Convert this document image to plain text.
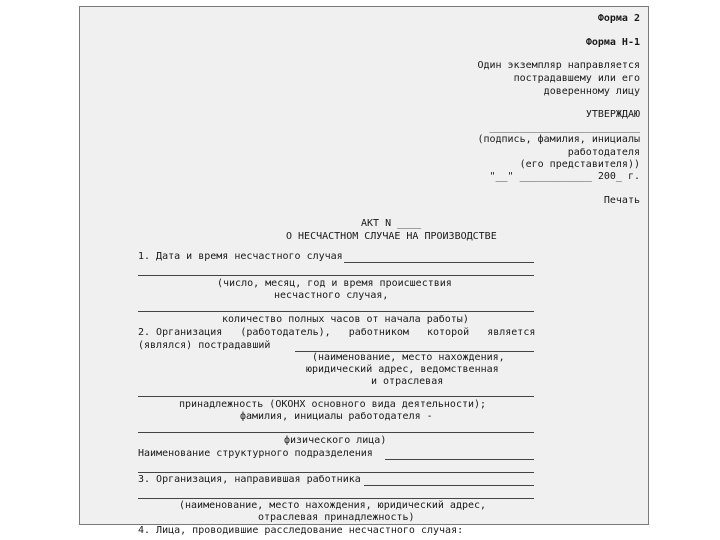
Форма 2
Форма Н-1
Один экземпляр направляется
пострадавшему или его
доверенному лицу
УТВЕРЖДАЮ
_________________________
(подпись, фамилия, инициалы
работодателя
(его представителя))
"__" ____________ 200_ г.
Печать
АКТ N ____
О НЕСЧАСТНОМ СЛУЧАЕ НА ПРОИЗВОДСТВЕ
1. Дата и время несчастного случая
(число, месяц, год и время происшествия
несчастного случая,
количество полных часов от начала работы)
2. Организация   (работодатель),   работником   которой   является
(являлся) пострадавший
(наименование, место нахождения,
юридический адрес, ведомственная
и отраслевая
принадлежность (ОКОНХ основного вида деятельности);
фамилия, инициалы работодателя -
физического лица)
Наименование структурного подразделения
3. Организация, направившая работника
(наименование, место нахождения, юридический адрес,
отраслевая принадлежность)
4. Лица, проводившие расследование несчастного случая:
